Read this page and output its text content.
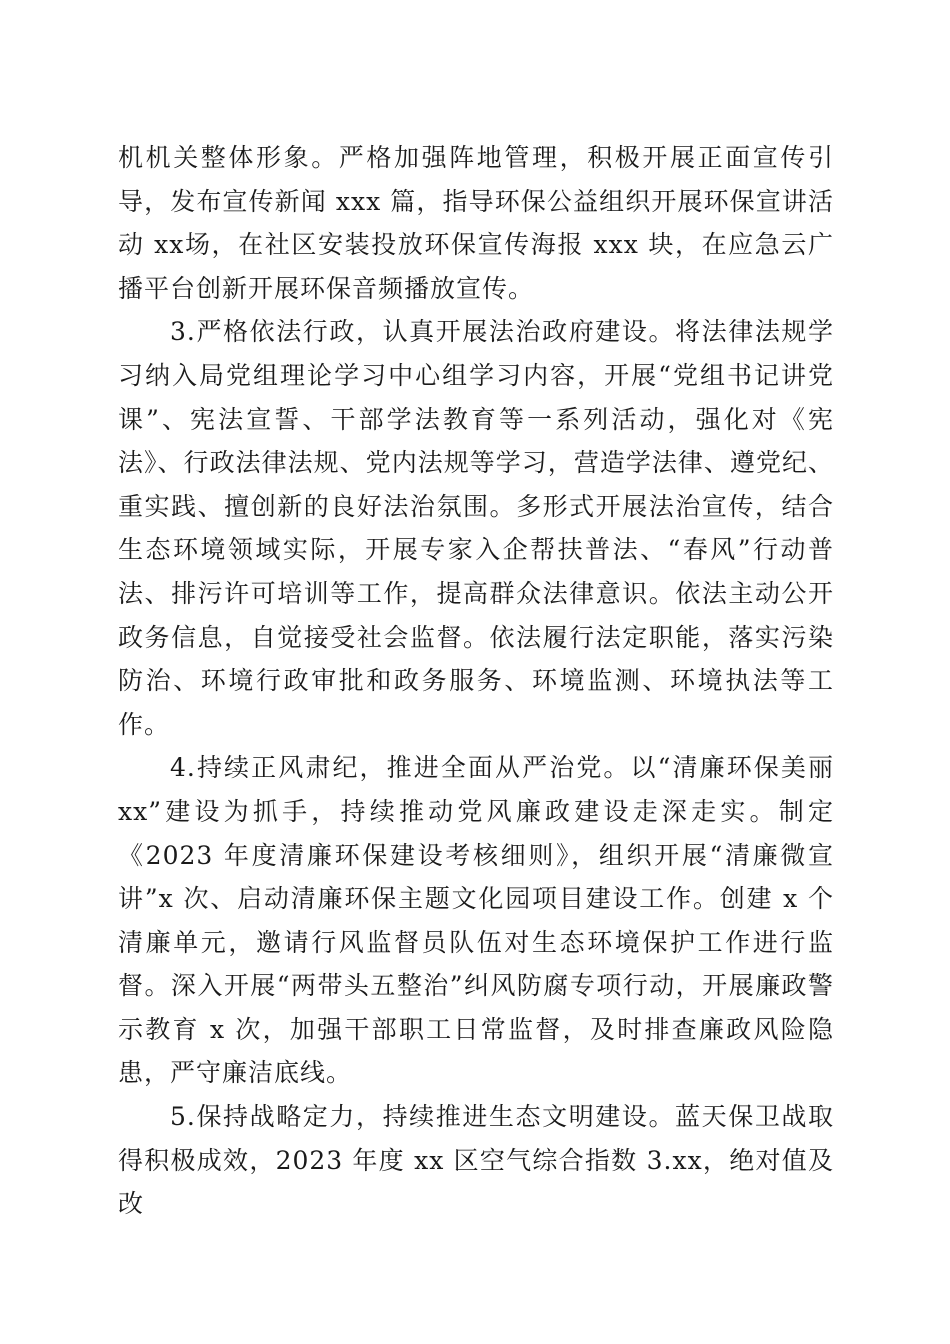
机机关整体形象。严格加强阵地管理，积极开展正面宣传引导，发布宣传新闻 xxx 篇，指导环保公益组织开展环保宣讲活动 xx场，在社区安装投放环保宣传海报 xxx 块，在应急云广播平台创新开展环保音频播放宣传。

3.严格依法行政，认真开展法治政府建设。将法律法规学习纳入局党组理论学习中心组学习内容，开展“党组书记讲党课”、宪法宣誓、干部学法教育等一系列活动，强化对《宪法》、行政法律法规、党内法规等学习，营造学法律、遵党纪、重实践、擅创新的良好法治氛围。多形式开展法治宣传，结合生态环境领域实际，开展专家入企帮扶普法、“春风”行动普法、排污许可培训等工作，提高群众法律意识。依法主动公开政务信息，自觉接受社会监督。依法履行法定职能，落实污染防治、环境行政审批和政务服务、环境监测、环境执法等工作。

4.持续正风肃纪，推进全面从严治党。以“清廉环保美丽xx”建设为抓手，持续推动党风廉政建设走深走实。制定《2023 年度清廉环保建设考核细则》，组织开展“清廉微宣讲”x 次、启动清廉环保主题文化园项目建设工作。创建 x 个清廉单元，邀请行风监督员队伍对生态环境保护工作进行监督。深入开展“两带头五整治”纠风防腐专项行动，开展廉政警示教育 x 次，加强干部职工日常监督，及时排查廉政风险隐患，严守廉洁底线。

5.保持战略定力，持续推进生态文明建设。蓝天保卫战取得积极成效，2023 年度 xx 区空气综合指数 3.xx，绝对值及改
